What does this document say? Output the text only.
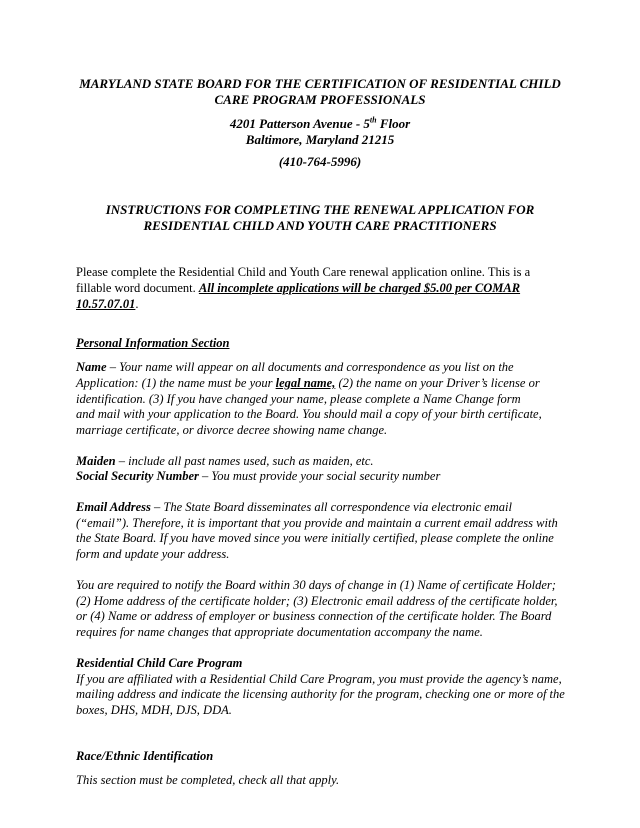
MARYLAND STATE BOARD FOR THE CERTIFICATION OF RESIDENTIAL CHILD
CARE PROGRAM PROFESSIONALS
4201 Patterson Avenue - 5th Floor
Baltimore, Maryland 21215
(410-764-5996)
INSTRUCTIONS FOR COMPLETING THE RENEWAL APPLICATION FOR
RESIDENTIAL CHILD AND YOUTH CARE PRACTITIONERS
Please complete the Residential Child and Youth Care renewal application online. This is a
fillable word document. All incomplete applications will be charged $5.00 per COMAR
10.57.07.01.
Personal Information Section
Name – Your name will appear on all documents and correspondence as you list on the
Application: (1) the name must be your legal name, (2) the name on your Driver’s license or
identification. (3) If you have changed your name, please complete a Name Change form
and mail with your application to the Board. You should mail a copy of your birth certificate,
marriage certificate, or divorce decree showing name change.
Maiden – include all past names used, such as maiden, etc.
Social Security Number – You must provide your social security number
Email Address – The State Board disseminates all correspondence via electronic email
(“email”). Therefore, it is important that you provide and maintain a current email address with
the State Board. If you have moved since you were initially certified, please complete the online
form and update your address.
You are required to notify the Board within 30 days of change in (1) Name of certificate Holder;
(2) Home address of the certificate holder; (3) Electronic email address of the certificate holder,
or (4) Name or address of employer or business connection of the certificate holder. The Board
requires for name changes that appropriate documentation accompany the name.
Residential Child Care Program
If you are affiliated with a Residential Child Care Program, you must provide the agency’s name,
mailing address and indicate the licensing authority for the program, checking one or more of the
boxes, DHS, MDH, DJS, DDA.
Race/Ethnic Identification
This section must be completed, check all that apply.
